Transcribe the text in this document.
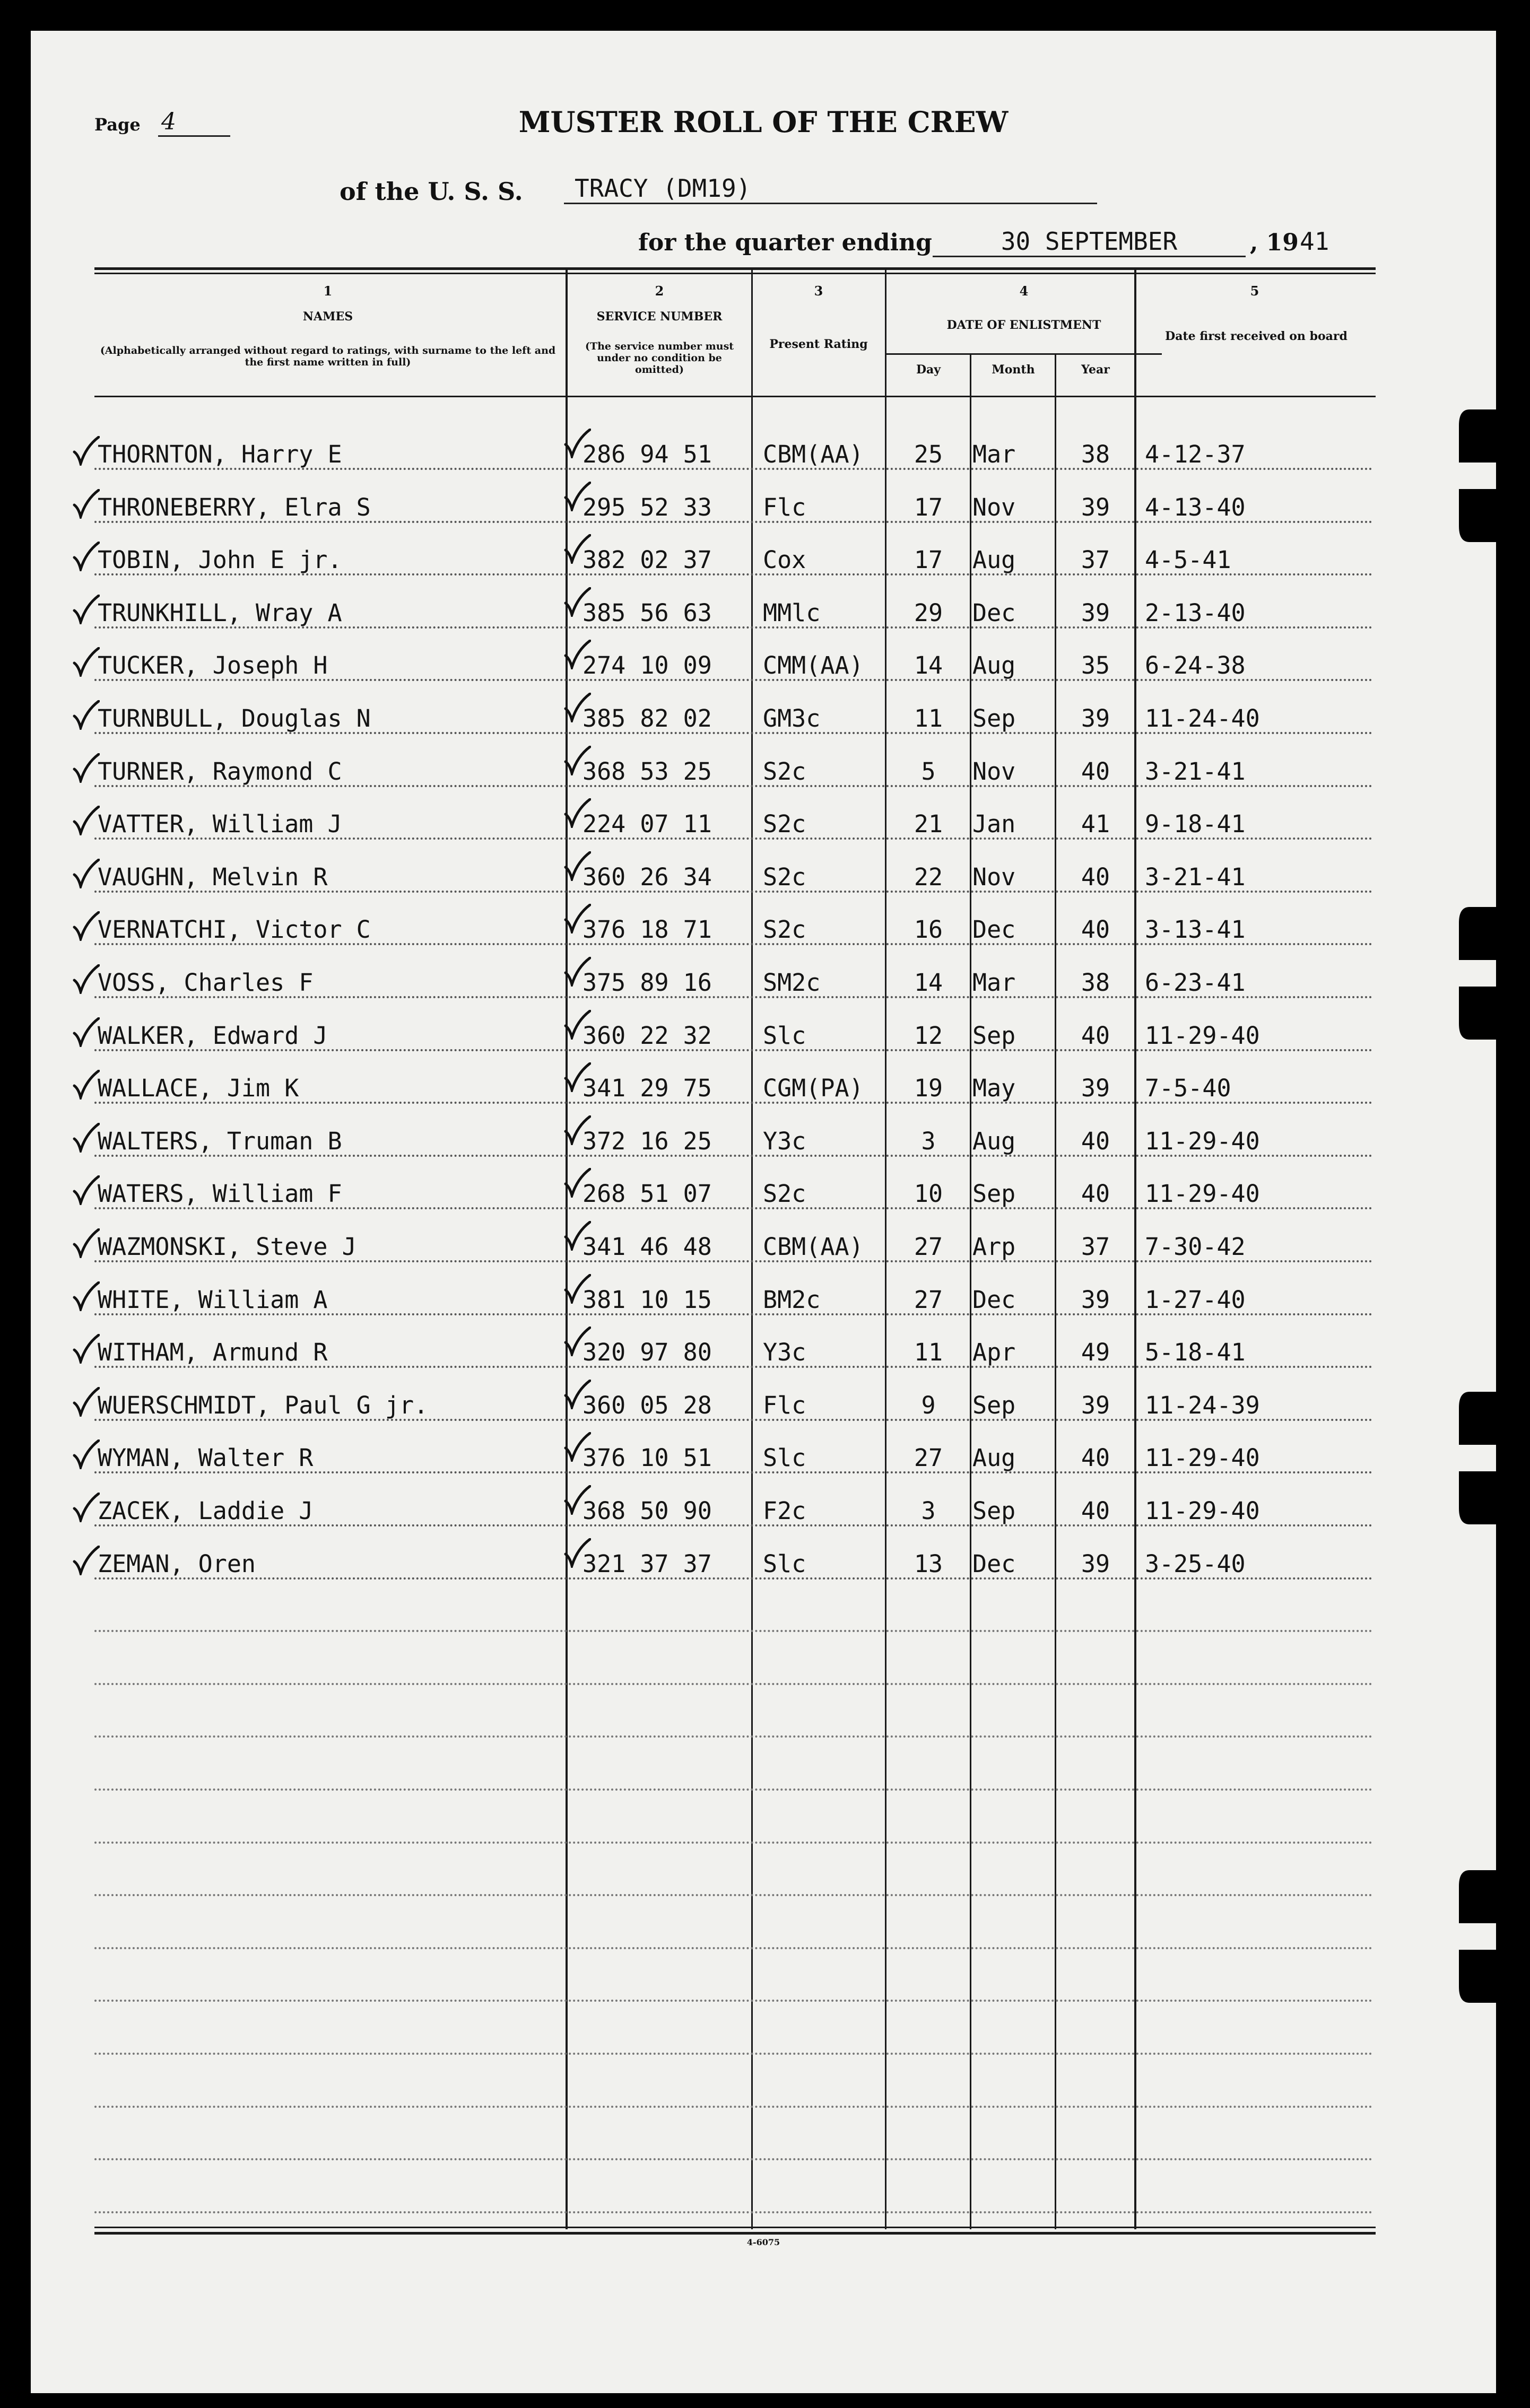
Page 4	MUSTER ROLL OF THE CREW
of the U. S. S.	TRACY (DM19)
for the quarter ending	30 SEPTEMBER	, 19 41
1
NAMES
(Alphabetically arranged without regard to ratings, with surname to the left and the first name written in full)
2
SERVICE NUMBER
(The service number must under no condition be omitted)
3
Present Rating
4
DATE OF ENLISTMENT
Day	Month	Year
5
Date first received on board
THORNTON, Harry E	286 94 51 CBM(AA)	25	Mar	38	4-12-37
THRONEBERRY, Elra S	295 52 33 Flc	17	Nov	39	4-13-40
TOBIN, John E jr.	382 02 37 Cox	17	Aug	37	4-5-41
TRUNKHILL, Wray A	385 56 63 MMlc	29	Dec	39	2-13-40
TUCKER, Joseph H	274 10 09 CMM(AA)	14	Aug	35	6-24-38
TURNBULL, Douglas N	385 82 02 GM3c	11	Sep	39	11-24-40
TURNER, Raymond C	368 53 25 S2c	5	Nov	40	3-21-41
VATTER, William J	224 07 11 S2c	21	Jan	41	9-18-41
VAUGHN, Melvin R	360 26 34 S2c	22	Nov	40	3-21-41
VERNATCHI, Victor C	376 18 71 S2c	16	Dec	40	3-13-41
VOSS, Charles F	375 89 16 SM2c	14	Mar	38	6-23-41
WALKER, Edward J	360 22 32 Slc	12	Sep	40	11-29-40
WALLACE, Jim K	341 29 75 CGM(PA)	19	May	39	7-5-40
WALTERS, Truman B	372 16 25 Y3c	3	Aug	40	11-29-40
WATERS, William F	268 51 07 S2c	10	Sep	40	11-29-40
WAZMONSKI, Steve J	341 46 48 CBM(AA)	27	Arp	37	7-30-42
WHITE, William A	381 10 15 BM2c	27	Dec	39	1-27-40
WITHAM, Armund R	320 97 80 Y3c	11	Apr	49	5-18-41
WUERSCHMIDT, Paul G jr.	360 05 28 Flc	9	Sep	39	11-24-39
WYMAN, Walter R	376 10 51 Slc	27	Aug	40	11-29-40
ZACEK, Laddie J	368 50 90 F2c	3	Sep	40	11-29-40
ZEMAN, Oren	321 37 37 Slc	13	Dec	39	3-25-40
4-6075
